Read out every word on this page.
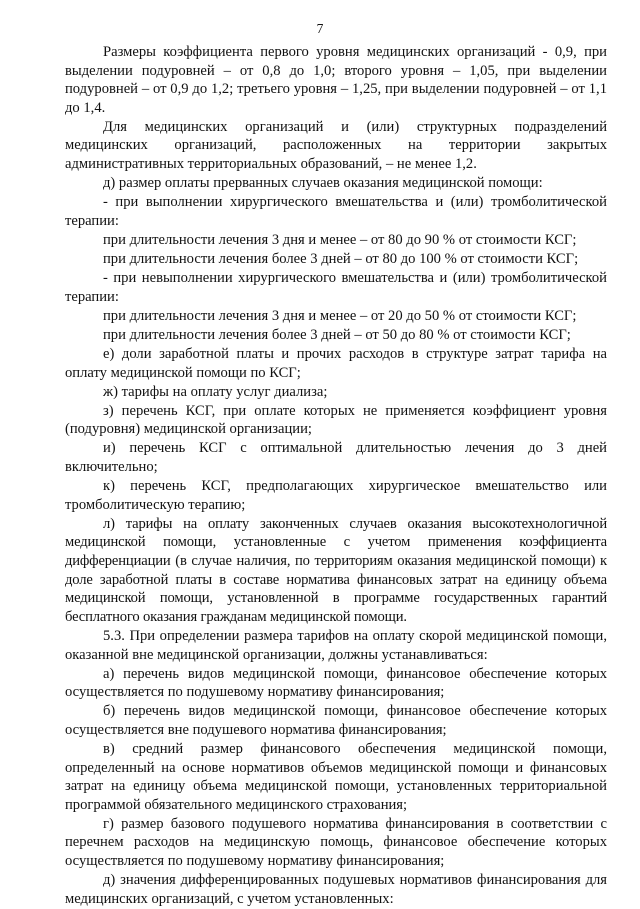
7

Размеры коэффициента первого уровня медицинских организаций - 0,9, при выделении подуровней – от 0,8 до 1,0; второго уровня – 1,05, при выделении подуровней – от 0,9 до 1,2; третьего уровня – 1,25, при выделении подуровней – от 1,1 до 1,4.

Для медицинских организаций и (или) структурных подразделений медицинских организаций, расположенных на территории закрытых административных территориальных образований, – не менее 1,2.

д) размер оплаты прерванных случаев оказания медицинской помощи:

- при выполнении хирургического вмешательства и (или) тромболитической терапии:

при длительности лечения 3 дня и менее – от 80 до 90 % от стоимости КСГ;

при длительности лечения более 3 дней – от 80 до 100 % от стоимости КСГ;

- при невыполнении хирургического вмешательства и (или) тромболитической терапии:

при длительности лечения 3 дня и менее – от 20 до 50 % от стоимости КСГ;

при длительности лечения более 3 дней – от 50 до 80 % от стоимости КСГ;

е) доли заработной платы и прочих расходов в структуре затрат тарифа на оплату медицинской помощи по КСГ;

ж) тарифы на оплату услуг диализа;

з) перечень КСГ, при оплате которых не применяется коэффициент уровня (подуровня) медицинской организации;

и) перечень КСГ с оптимальной длительностью лечения до 3 дней включительно;

к) перечень КСГ, предполагающих хирургическое вмешательство или тромболитическую терапию;

л) тарифы на оплату законченных случаев оказания высокотехнологичной медицинской помощи, установленные с учетом применения коэффициента дифференциации (в случае наличия, по территориям оказания медицинской помощи) к доле заработной платы в составе норматива финансовых затрат на единицу объема медицинской помощи, установленной в программе государственных гарантий бесплатного оказания гражданам медицинской помощи.

5.3. При определении размера тарифов на оплату скорой медицинской помощи, оказанной вне медицинской организации, должны устанавливаться:

а) перечень видов медицинской помощи, финансовое обеспечение которых осуществляется по подушевому нормативу финансирования;

б) перечень видов медицинской помощи, финансовое обеспечение которых осуществляется вне подушевого норматива финансирования;

в) средний размер финансового обеспечения медицинской помощи, определенный на основе нормативов объемов медицинской помощи и финансовых затрат на единицу объема медицинской помощи, установленных территориальной программой обязательного медицинского страхования;

г) размер базового подушевого норматива финансирования в соответствии с перечнем расходов на медицинскую помощь, финансовое обеспечение которых осуществляется по подушевому нормативу финансирования;

д) значения дифференцированных подушевых нормативов финансирования для медицинских организаций, с учетом установленных:
